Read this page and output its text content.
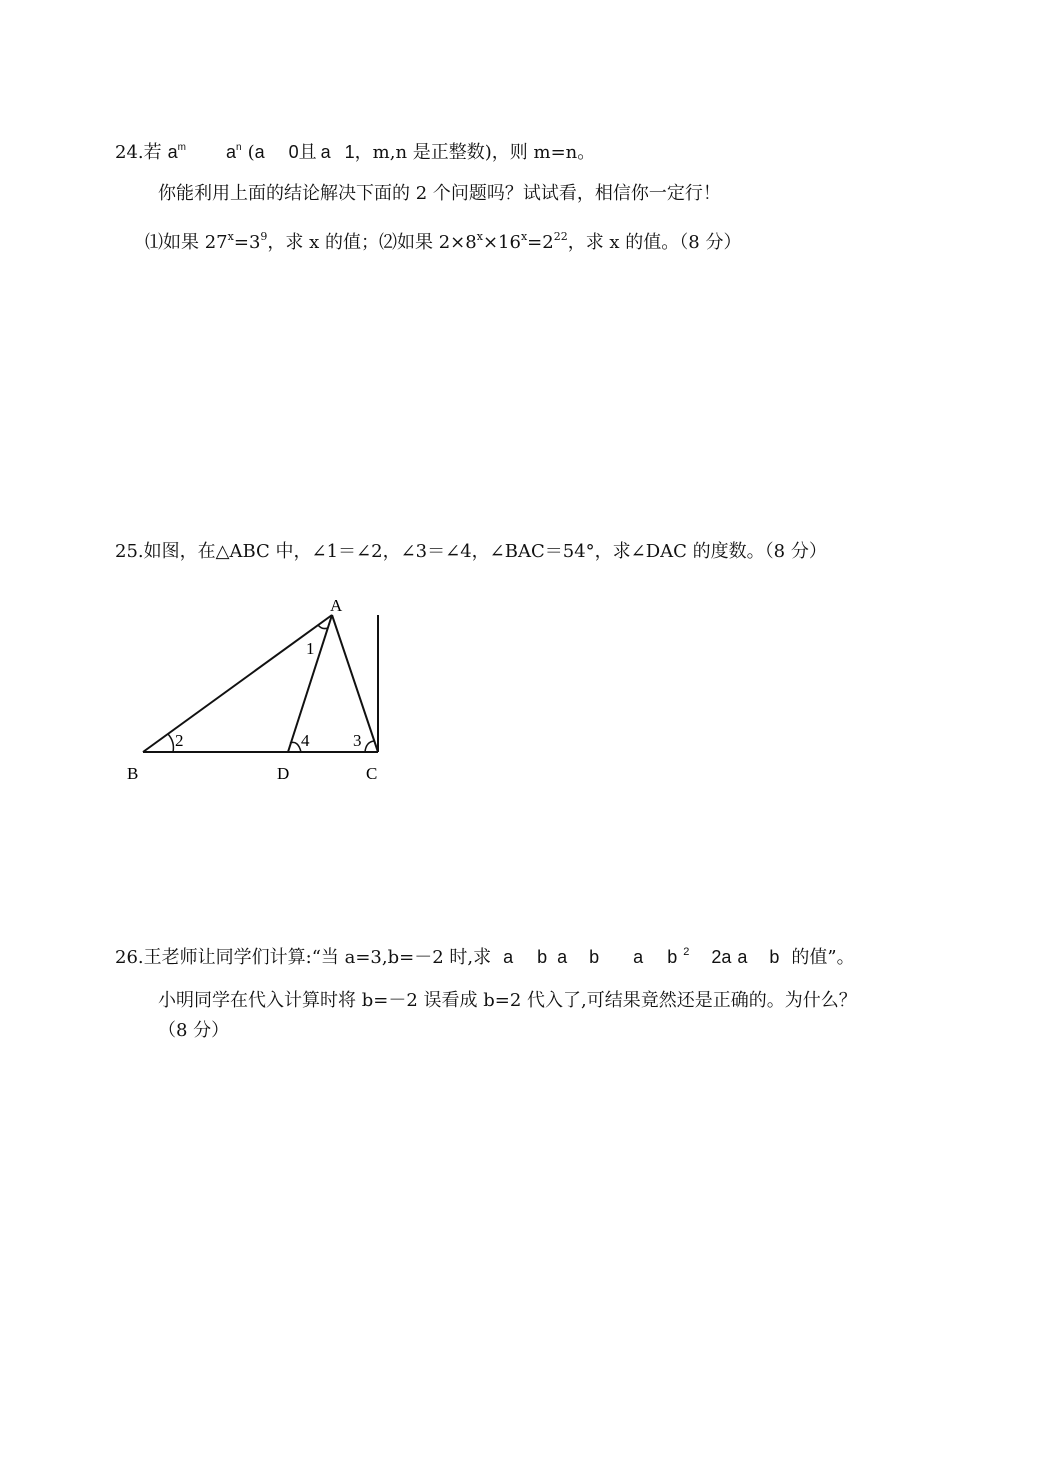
24.若 $a^m$ $a^n$ (a 0且 a 1，m,n 是正整数)，则 m=n。
你能利用上面的结论解决下面的 2 个问题吗？试试看，相信你一定行！
⑴如果 $27^x=3^9$，求 x 的值；⑵如果 $2\times 8^x\times 16^x=2^{22}$，求 x 的值。（8 分）
25.如图，在△ABC 中，∠1＝∠2，∠3＝∠4，∠BAC＝54°，求∠DAC 的度数。（8 分）
A
B	D	C
1
2	4	3
26.王老师让同学们计算:“当 a=3,b=－2 时,求 a b a b a b $^2$ 2a a b 的值”。
小明同学在代入计算时将 b=－2 误看成 b=2 代入了,可结果竟然还是正确的。为什么？
（8 分）
